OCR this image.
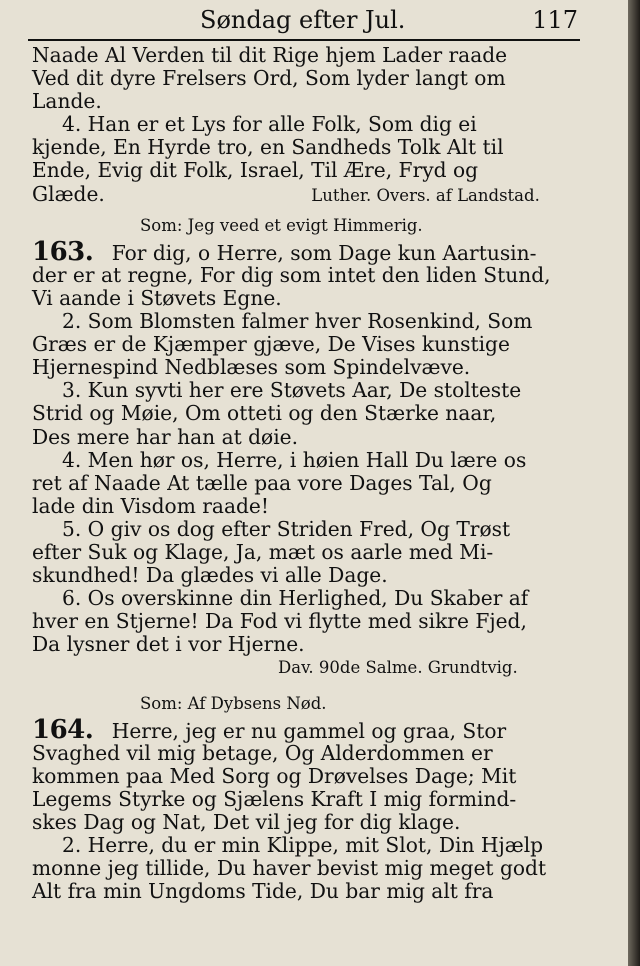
Søndag efter Jul.	117
Naade Al Verden til dit Rige hjem Lader raade
Ved dit dyre Frelsers Ord, Som lyder langt om
Lande.
4. Han er et Lys for alle Folk, Som dig ei
kjende, En Hyrde tro, en Sandheds Tolk Alt til
Ende, Evig dit Folk, Israel, Til Ære, Fryd og
Glæde.	Luther. Overs. af Landstad.
Som: Jeg veed et evigt Himmerig.
163. For dig, o Herre, som Dage kun Aartusin-
der er at regne, For dig som intet den liden Stund,
Vi aande i Støvets Egne.
2. Som Blomsten falmer hver Rosenkind, Som
Græs er de Kjæmper gjæve, De Vises kunstige
Hjernespind Nedblæses som Spindelvæve.
3. Kun syvti her ere Støvets Aar, De stolteste
Strid og Møie, Om otteti og den Stærke naar,
Des mere har han at døie.
4. Men hør os, Herre, i høien Hall Du lære os
ret af Naade At tælle paa vore Dages Tal, Og
lade din Visdom raade!
5. O giv os dog efter Striden Fred, Og Trøst
efter Suk og Klage, Ja, mæt os aarle med Mi-
skundhed! Da glædes vi alle Dage.
6. Os overskinne din Herlighed, Du Skaber af
hver en Stjerne! Da Fod vi flytte med sikre Fjed,
Da lysner det i vor Hjerne.
Dav. 90de Salme. Grundtvig.
Som: Af Dybsens Nød.
164. Herre, jeg er nu gammel og graa, Stor
Svaghed vil mig betage, Og Alderdommen er
kommen paa Med Sorg og Drøvelses Dage; Mit
Legems Styrke og Sjælens Kraft I mig formind-
skes Dag og Nat, Det vil jeg for dig klage.
2. Herre, du er min Klippe, mit Slot, Din Hjælp
monne jeg tillide, Du haver bevist mig meget godt
Alt fra min Ungdoms Tide, Du bar mig alt fra
